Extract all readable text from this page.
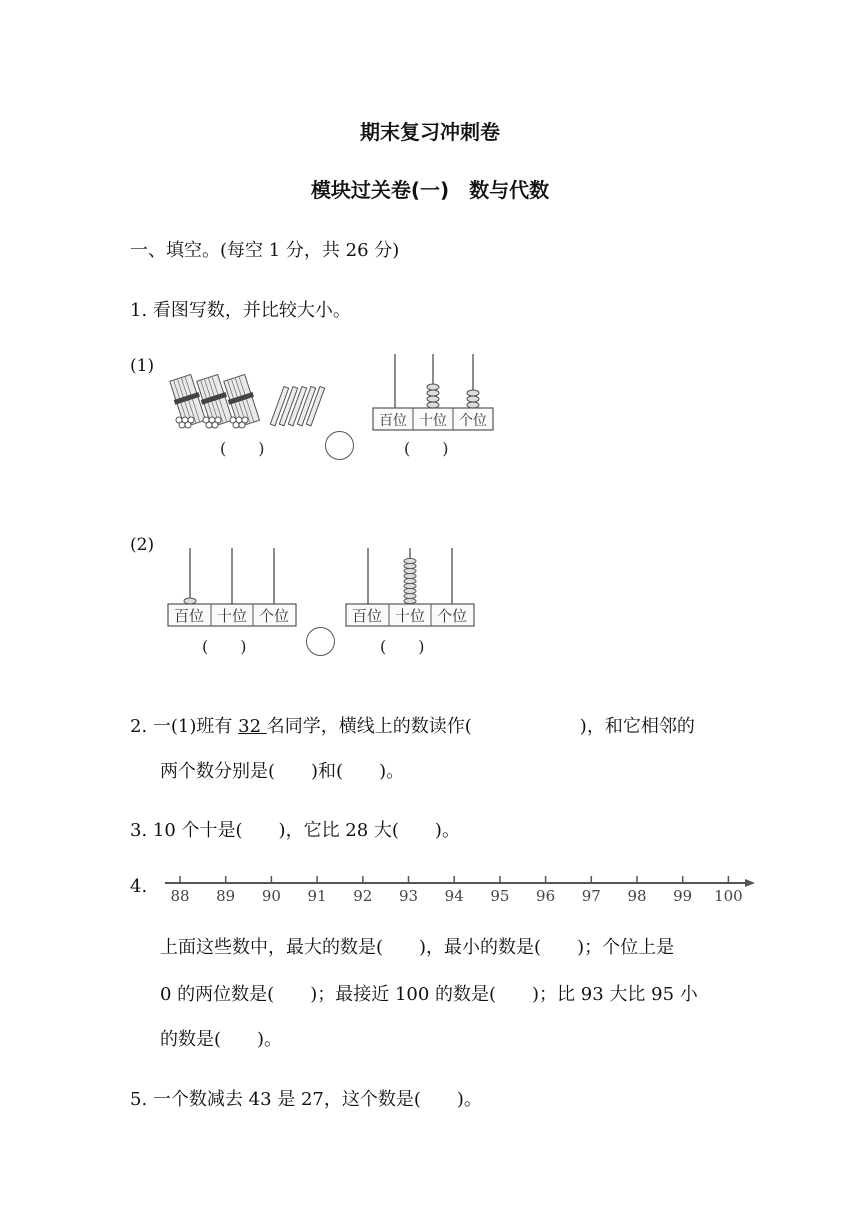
期末复习冲刺卷
模块过关卷(一)　数与代数
一、填空。(每空 1 分，共 26 分)
1. 看图写数，并比较大小。
(1)
(　　)
百位 十位 个位
(　　)
(2)
百位 十位 个位
(　　)
百位 十位 个位
(　　)
2. 一(1)班有 32 名同学，横线上的数读作(	)，和它相邻的
两个数分别是(　　)和(　　)。
3. 10 个十是(　　)，它比 28 大(　　)。
4. 88 89 90 91 92 93 94 95 96 97 98 99 100
上面这些数中，最大的数是(　　)，最小的数是(　　)；个位上是
0 的两位数是(　　)；最接近 100 的数是(　　)；比 93 大比 95 小
的数是(　　)。
5. 一个数减去 43 是 27，这个数是(　　)。
